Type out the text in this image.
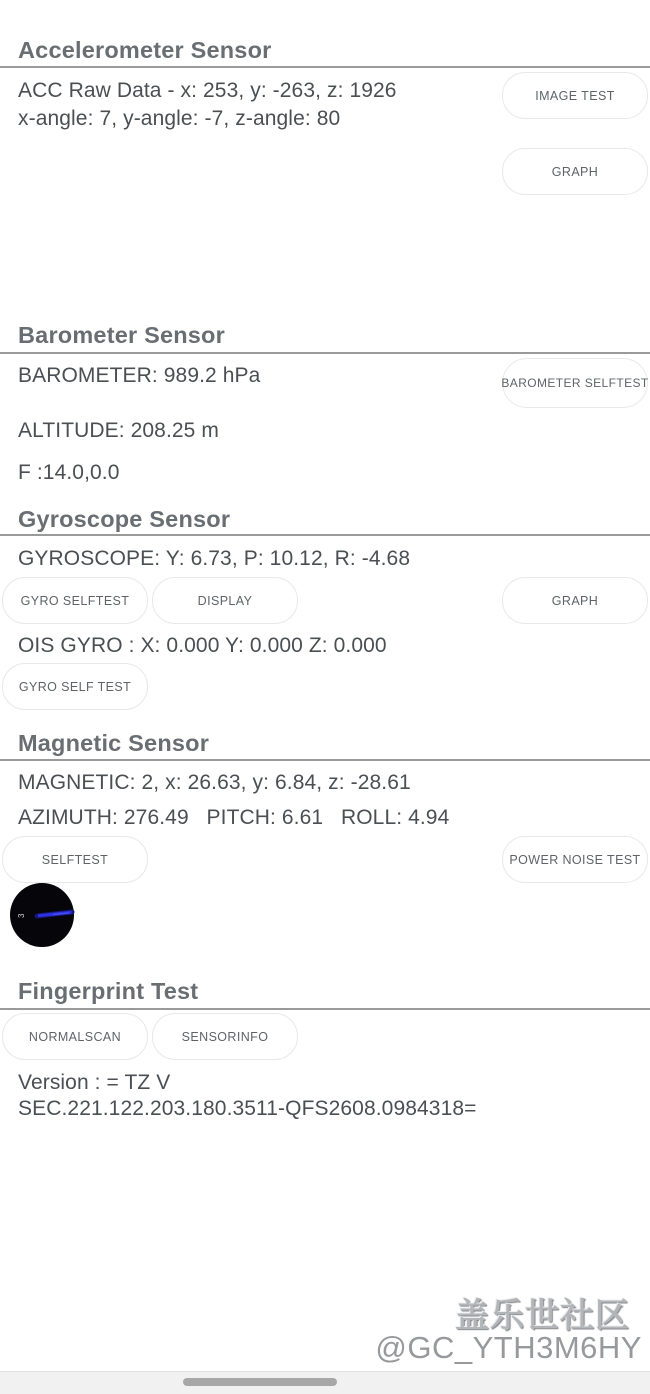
Accelerometer Sensor
ACC Raw Data - x: 253, y: -263, z: 1926
x-angle: 7, y-angle: -7, z-angle: 80
IMAGE TEST
GRAPH
Barometer Sensor
BAROMETER: 989.2 hPa	BAROMETER SELFTEST
ALTITUDE: 208.25 m
F :14.0,0.0
Gyroscope Sensor
GYROSCOPE: Y: 6.73, P: 10.12, R: -4.68
GYRO SELFTEST	DISPLAY	GRAPH
OIS GYRO : X: 0.000 Y: 0.000 Z: 0.000
GYRO SELF TEST
Magnetic Sensor
MAGNETIC: 2, x: 26.63, y: 6.84, z: -28.61
AZIMUTH: 276.49   PITCH: 6.61   ROLL: 4.94
SELFTEST	POWER NOISE TEST
3
Fingerprint Test
NORMALSCAN	SENSORINFO
Version : = TZ V
SEC.221.122.203.180.3511-QFS2608.0984318=
盖乐世社区
@GC_YTH3M6HY
